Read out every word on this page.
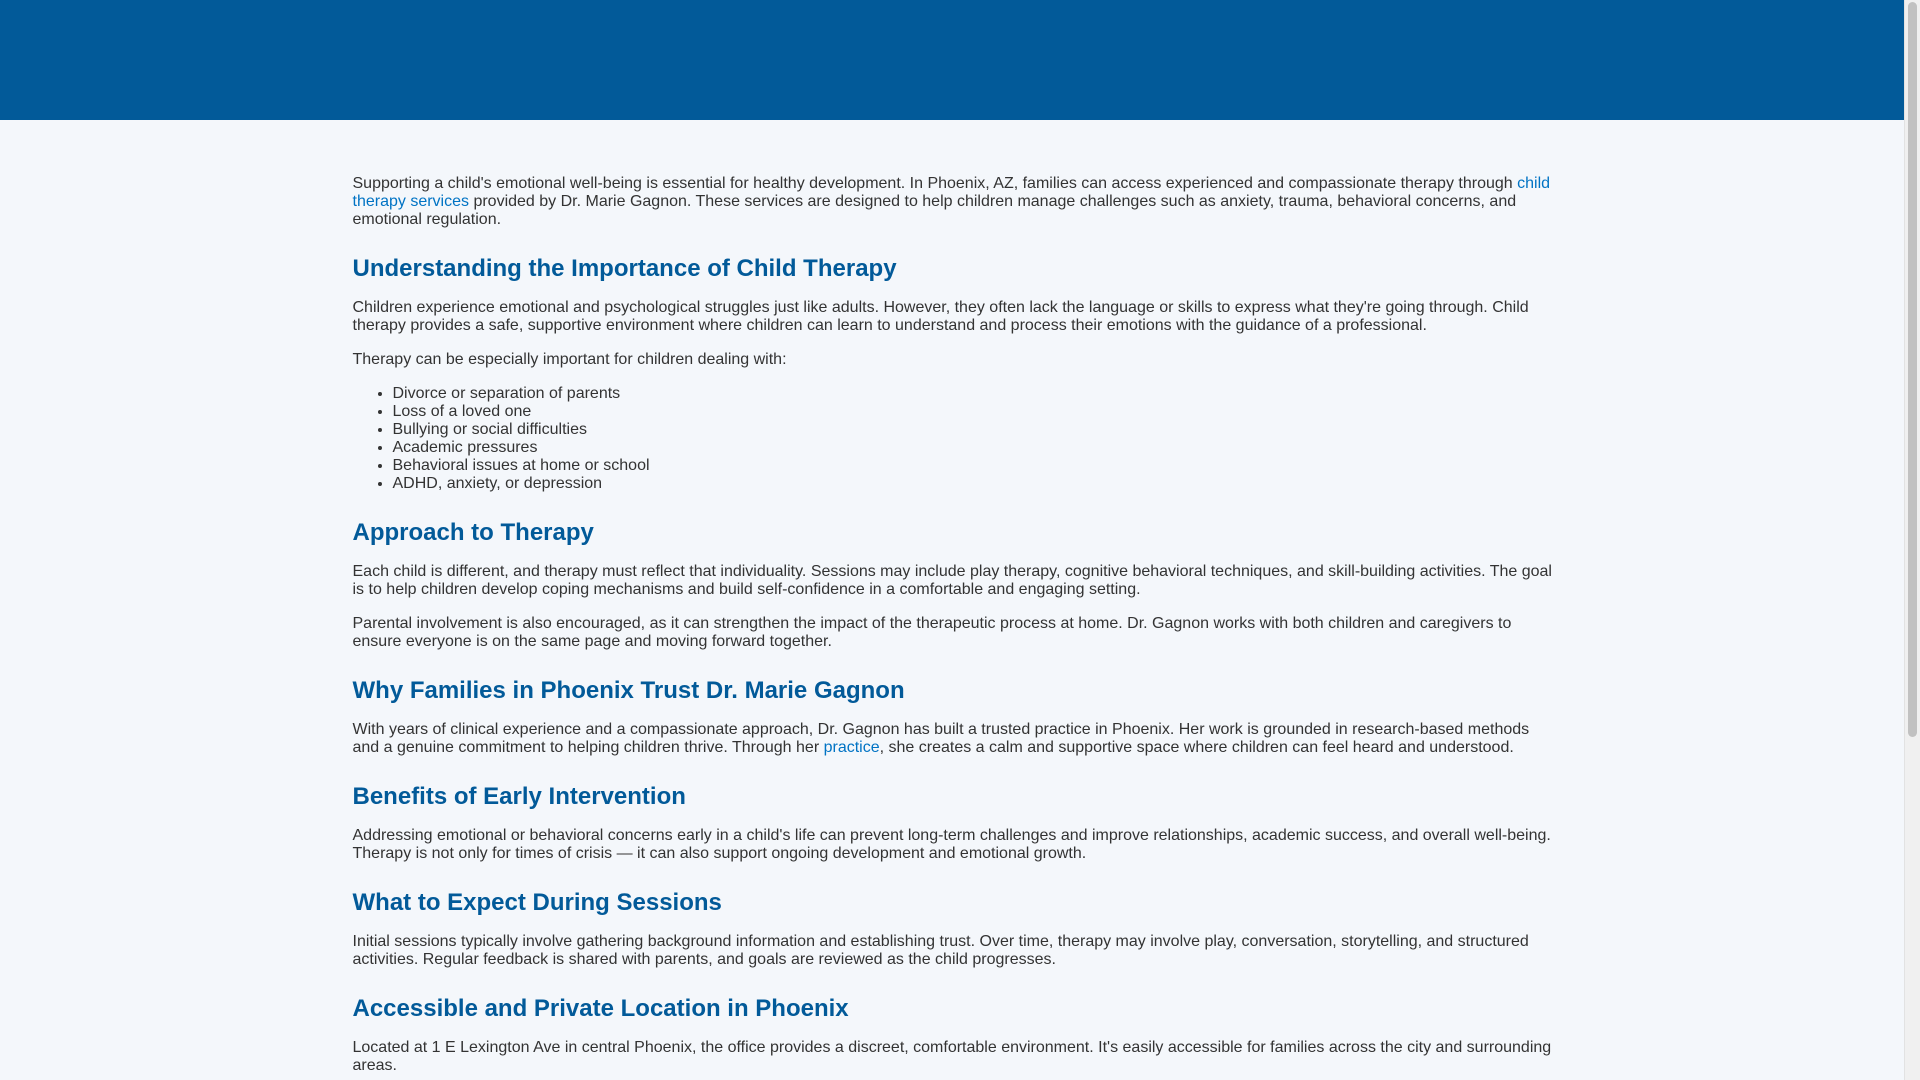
Supporting a child's emotional well-being is essential for healthy development. In Phoenix, AZ, families can access experienced and compassionate therapy through child therapy services provided by Dr. Marie Gagnon. These services are designed to help children manage challenges such as anxiety, trauma, behavioral concerns, and emotional regulation.

Understanding the Importance of Child Therapy

Children experience emotional and psychological struggles just like adults. However, they often lack the language or skills to express what they're going through. Child therapy provides a safe, supportive environment where children can learn to understand and process their emotions with the guidance of a professional.

Therapy can be especially important for children dealing with:

• Divorce or separation of parents
• Loss of a loved one
• Bullying or social difficulties
• Academic pressures
• Behavioral issues at home or school
• ADHD, anxiety, or depression
Approach to Therapy

Each child is different, and therapy must reflect that individuality. Sessions may include play therapy, cognitive behavioral techniques, and skill-building activities. The goal is to help children develop coping mechanisms and build self-confidence in a comfortable and engaging setting.

Parental involvement is also encouraged, as it can strengthen the impact of the therapeutic process at home. Dr. Gagnon works with both children and caregivers to ensure everyone is on the same page and moving forward together.

Why Families in Phoenix Trust Dr. Marie Gagnon

With years of clinical experience and a compassionate approach, Dr. Gagnon has built a trusted practice in Phoenix. Her work is grounded in research-based methods and a genuine commitment to helping children thrive. Through her practice, she creates a calm and supportive space where children can feel heard and understood.

Benefits of Early Intervention

Addressing emotional or behavioral concerns early in a child's life can prevent long-term challenges and improve relationships, academic success, and overall well-being. Therapy is not only for times of crisis — it can also support ongoing development and emotional growth.

What to Expect During Sessions

Initial sessions typically involve gathering background information and establishing trust. Over time, therapy may involve play, conversation, storytelling, and structured activities. Regular feedback is shared with parents, and goals are reviewed as the child progresses.

Accessible and Private Location in Phoenix

Located at 1 E Lexington Ave in central Phoenix, the office provides a discreet, comfortable environment. It's easily accessible for families across the city and surrounding areas.
